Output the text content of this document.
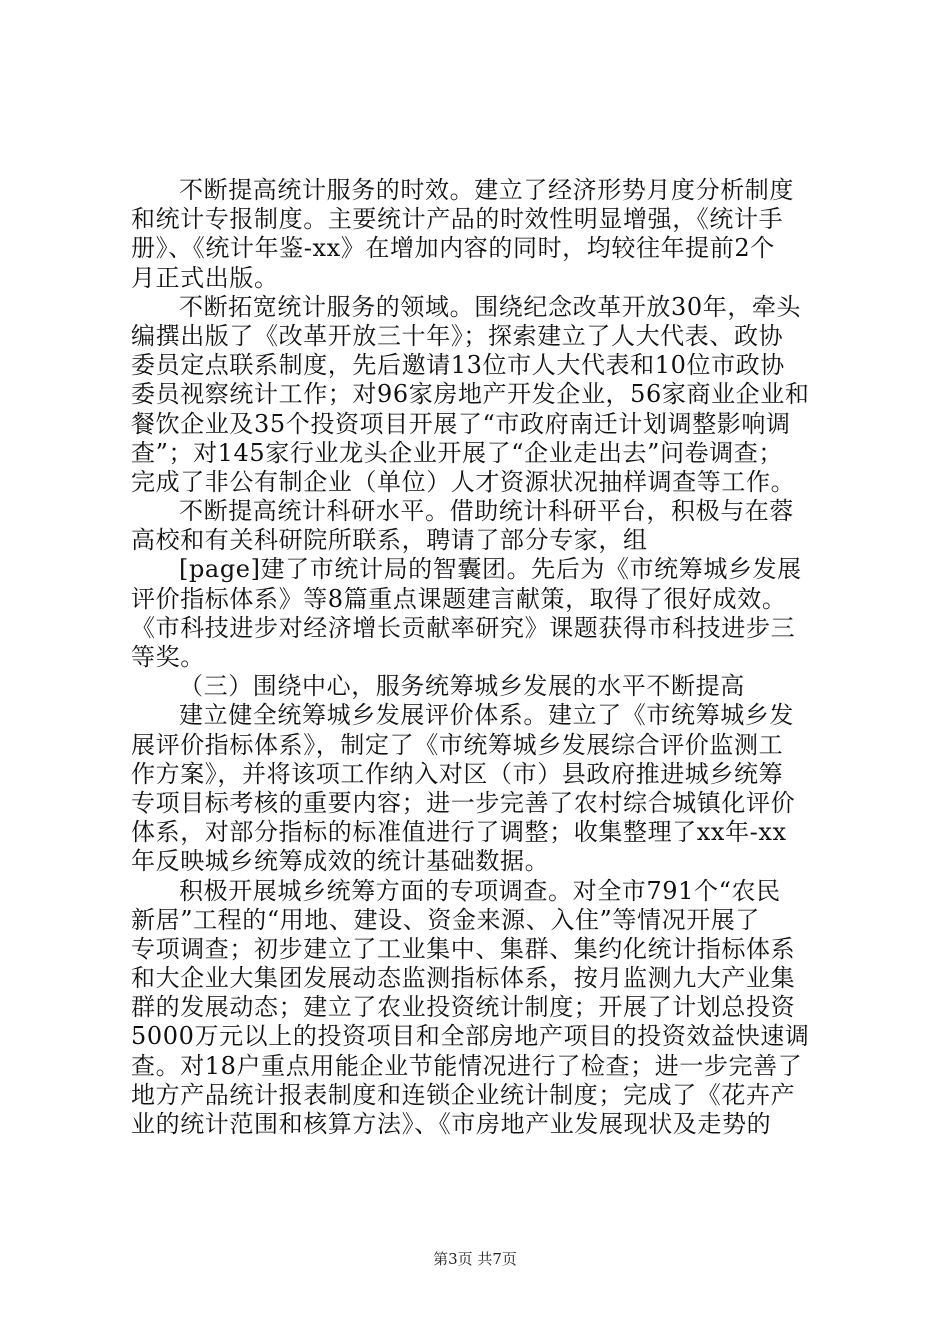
不断提高统计服务的时效。建立了经济形势月度分析制度
和统计专报制度。主要统计产品的时效性明显增强，《统计手
册》、《统计年鉴-xx》在增加内容的同时，均较往年提前2个
月正式出版。
不断拓宽统计服务的领域。围绕纪念改革开放30年，牵头
编撰出版了《改革开放三十年》；探索建立了人大代表、政协
委员定点联系制度，先后邀请13位市人大代表和10位市政协
委员视察统计工作；对96家房地产开发企业，56家商业企业和
餐饮企业及35个投资项目开展了“市政府南迁计划调整影响调
查”；对145家行业龙头企业开展了“企业走出去”问卷调查；
完成了非公有制企业（单位）人才资源状况抽样调查等工作。
不断提高统计科研水平。借助统计科研平台，积极与在蓉
高校和有关科研院所联系，聘请了部分专家，组
[page]建了市统计局的智囊团。先后为《市统筹城乡发展
评价指标体系》等8篇重点课题建言献策，取得了很好成效。
《市科技进步对经济增长贡献率研究》课题获得市科技进步三
等奖。
（三）围绕中心，服务统筹城乡发展的水平不断提高
建立健全统筹城乡发展评价体系。建立了《市统筹城乡发
展评价指标体系》，制定了《市统筹城乡发展综合评价监测工
作方案》，并将该项工作纳入对区（市）县政府推进城乡统筹
专项目标考核的重要内容；进一步完善了农村综合城镇化评价
体系，对部分指标的标准值进行了调整；收集整理了xx年-xx
年反映城乡统筹成效的统计基础数据。
积极开展城乡统筹方面的专项调查。对全市791个“农民
新居”工程的“用地、建设、资金来源、入住”等情况开展了
专项调查；初步建立了工业集中、集群、集约化统计指标体系
和大企业大集团发展动态监测指标体系，按月监测九大产业集
群的发展动态；建立了农业投资统计制度；开展了计划总投资
5000万元以上的投资项目和全部房地产项目的投资效益快速调
查。对18户重点用能企业节能情况进行了检查；进一步完善了
地方产品统计报表制度和连锁企业统计制度；完成了《花卉产
业的统计范围和核算方法》、《市房地产业发展现状及走势的
第3页 共7页
